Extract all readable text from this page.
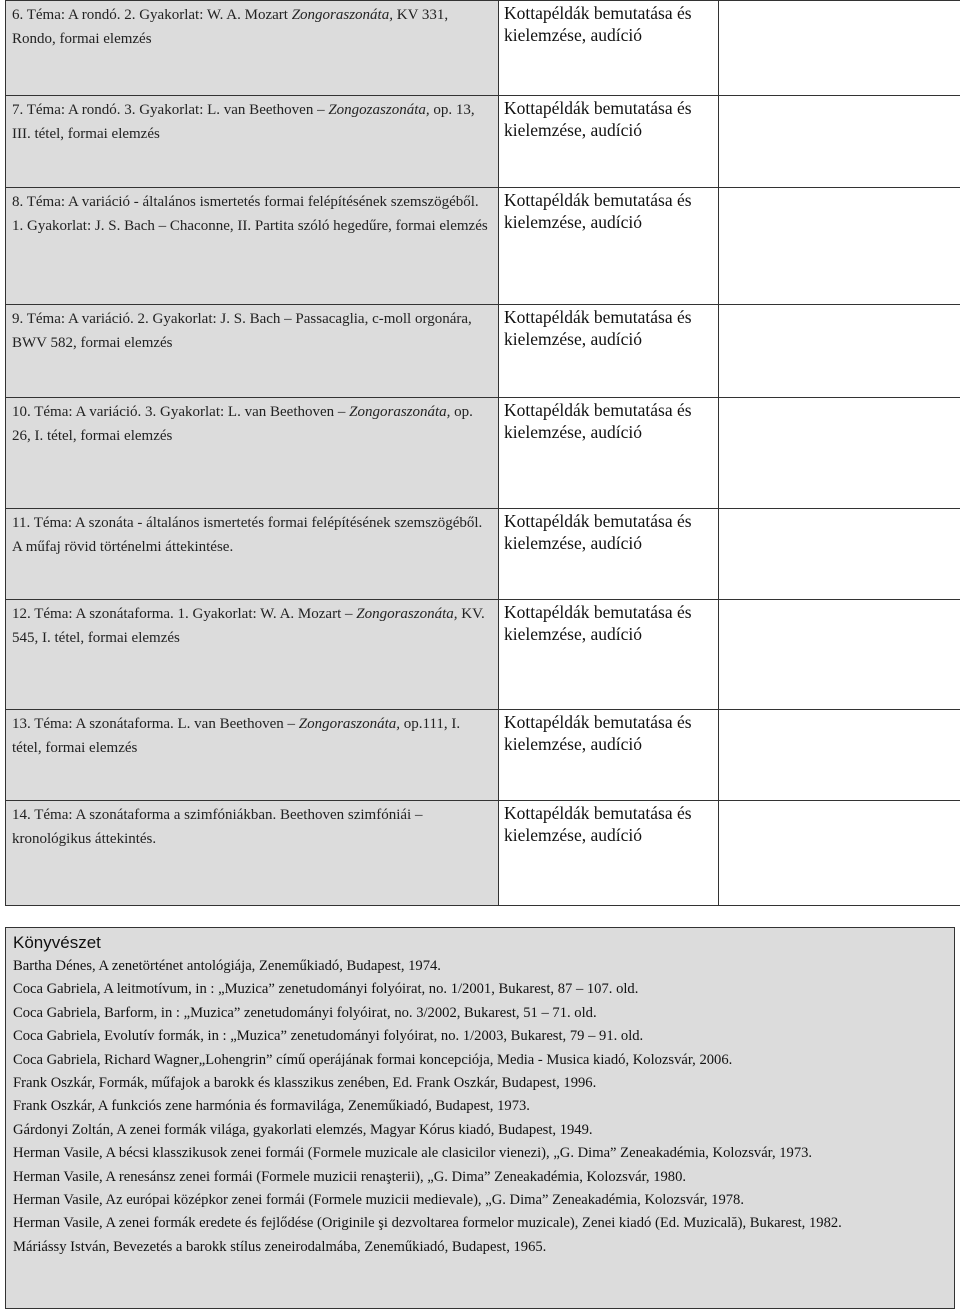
6. Téma: A rondó. 2. Gyakorlat: W. A. Mozart Zongoraszonáta, KV 331, Rondo, formai elemzés	Kottapéldák bemutatása és kielemzése, audíció	

7. Téma: A rondó. 3. Gyakorlat: L. van Beethoven – Zongozaszonáta, op. 13, III. tétel, formai elemzés	Kottapéldák bemutatása és kielemzése, audíció	

8. Téma: A variáció - általános ismertetés formai felépítésének szemszögéből. 1. Gyakorlat: J. S. Bach – Chaconne, II. Partita szóló hegedűre, formai elemzés	Kottapéldák bemutatása és kielemzése, audíció	

9. Téma: A variáció. 2. Gyakorlat: J. S. Bach – Passacaglia, c-moll orgonára, BWV 582, formai elemzés	Kottapéldák bemutatása és kielemzése, audíció	

10. Téma: A variáció. 3. Gyakorlat: L. van Beethoven – Zongoraszonáta, op. 26, I. tétel, formai elemzés	Kottapéldák bemutatása és kielemzése, audíció	

11. Téma: A szonáta - általános ismertetés formai felépítésének szemszögéből. A műfaj rövid történelmi áttekintése.	Kottapéldák bemutatása és kielemzése, audíció	

12. Téma: A szonátaforma. 1. Gyakorlat: W. A. Mozart – Zongoraszonáta, KV. 545, I. tétel, formai elemzés	Kottapéldák bemutatása és kielemzése, audíció	

13. Téma: A szonátaforma. L. van Beethoven – Zongoraszonáta, op.111, I. tétel, formai elemzés	Kottapéldák bemutatása és kielemzése, audíció	

14. Téma: A szonátaforma a szimfóniákban. Beethoven szimfóniái – kronológikus áttekintés.	Kottapéldák bemutatása és kielemzése, audíció	

Könyvészet
Bartha Dénes, A zenetörténet antológiája, Zeneműkiadó, Budapest, 1974.
Coca Gabriela, A leitmotívum, in : „Muzica” zenetudományi folyóirat, no. 1/2001, Bukarest, 87 – 107. old.
Coca Gabriela, Barform, in : „Muzica” zenetudományi folyóirat, no. 3/2002, Bukarest, 51 – 71. old.
Coca Gabriela, Evolutív formák, in : „Muzica” zenetudományi folyóirat, no. 1/2003, Bukarest, 79 – 91. old.
Coca Gabriela, Richard Wagner„Lohengrin” című operájának formai koncepciója, Media - Musica kiadó, Kolozsvár, 2006.
Frank Oszkár, Formák, műfajok a barokk és klasszikus zenében, Ed. Frank Oszkár, Budapest, 1996.
Frank Oszkár, A funkciós zene harmónia és formavilága, Zeneműkiadó, Budapest, 1973.
Gárdonyi Zoltán, A zenei formák világa, gyakorlati elemzés, Magyar Kórus kiadó, Budapest, 1949.
Herman Vasile, A bécsi klasszikusok zenei formái (Formele muzicale ale clasicilor vienezi), „G. Dima” Zeneakadémia, Kolozsvár, 1973.
Herman Vasile, A renesánsz zenei formái (Formele muzicii renaşterii), „G. Dima” Zeneakadémia, Kolozsvár, 1980.
Herman Vasile, Az európai középkor zenei formái (Formele muzicii medievale), „G. Dima” Zeneakadémia, Kolozsvár, 1978.
Herman Vasile, A zenei formák eredete és fejlődése (Originile şi dezvoltarea formelor muzicale), Zenei kiadó (Ed. Muzicală), Bukarest, 1982.
Máriássy István, Bevezetés a barokk stílus zeneirodalmába, Zeneműkiadó, Budapest, 1965.
